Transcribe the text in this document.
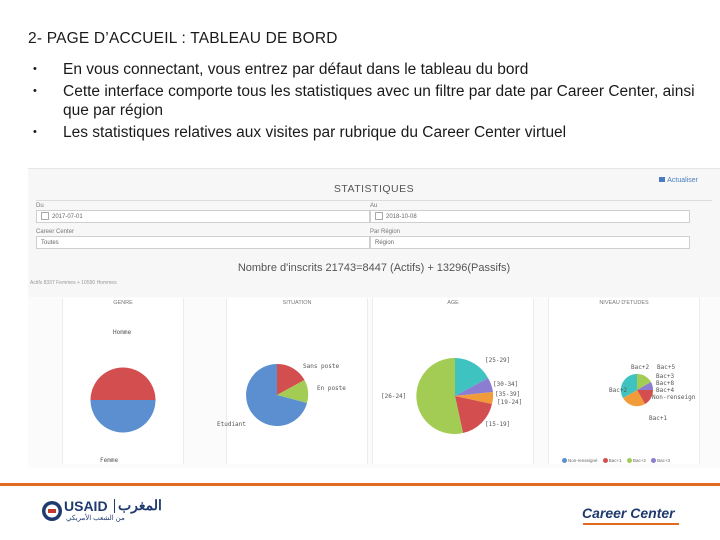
2- PAGE D’ACCUEIL : TABLEAU DE BORD
• En vous connectant, vous entrez par défaut dans le tableau du bord
• Cette interface comporte tous les statistiques avec un filtre par date par Career Center, ainsi que par région
• Les statistiques relatives aux visites par rubrique du Career Center virtuel
Actualiser
STATISTIQUES
Du
2017-07-01
Au
2018-10-08
Career Center
Toutes
Par Région
Région
Nombre d'inscrits 21743=8447 (Actifs) + 13296(Passifs)
Actifs 8337 Femmes + 10590 Hommes
GENRE
Homme
Femme
SITUATION
Sans poste
En poste
Etudiant
AGE
[25-29]
[30-34]
[35-39]
[26-24]
[19-24]
[15-19]
NIVEAU D'ETUDES
Bac+2 Bac+5
Bac+3
Bac+8
Bac+4
Non-renseign
Bac+1
Bac+2
Non-renseigné	Bac+1	Bac+2	Bac+3
USAID المغرب
من الشعب الأمريكي	Career Center
